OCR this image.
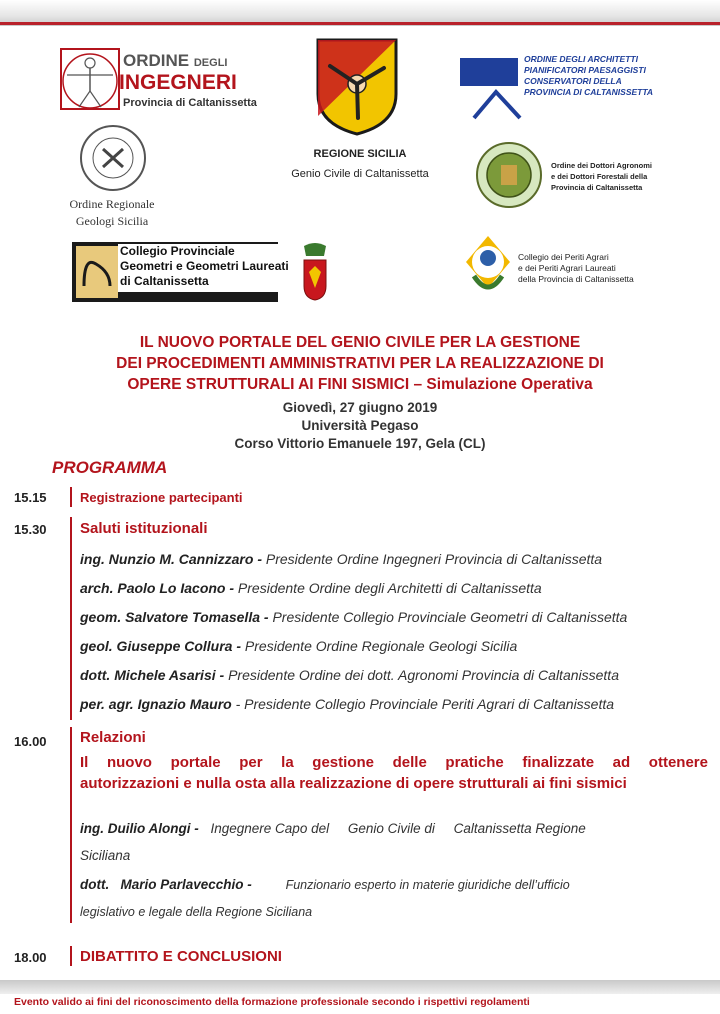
ORDINE DEGLI
INGEGNERI
Provincia di Caltanissetta
REGIONE SICILIA
Genio Civile di Caltanissetta
ORDINE DEGLI ARCHITETTI
PIANIFICATORI PAESAGGISTI
CONSERVATORI DELLA
PROVINCIA DI CALTANISSETTA
Ordine Regionale
Geologi Sicilia
Ordine dei Dottori Agronomi
e dei Dottori Forestali della
Provincia di Caltanissetta
Collegio Provinciale
Geometri e Geometri Laureati
di Caltanissetta
Collegio dei Periti Agrari
e dei Periti Agrari Laureati
della Provincia di Caltanissetta
IL NUOVO PORTALE DEL GENIO CIVILE PER LA GESTIONE
DEI PROCEDIMENTI AMMINISTRATIVI PER LA REALIZZAZIONE DI
OPERE STRUTTURALI AI FINI SISMICI – Simulazione Operativa
Giovedì, 27 giugno 2019
Università Pegaso
Corso Vittorio Emanuele 197, Gela (CL)
PROGRAMMA
15.15	Registrazione partecipanti
15.30 Saluti istituzionali
ing. Nunzio M. Cannizzaro - Presidente Ordine Ingegneri Provincia di Caltanissetta
arch. Paolo Lo Iacono - Presidente Ordine degli Architetti di Caltanissetta
geom. Salvatore Tomasella - Presidente Collegio Provinciale Geometri di Caltanissetta
geol. Giuseppe Collura - Presidente Ordine Regionale Geologi Sicilia
dott. Michele Asarisi - Presidente Ordine dei dott. Agronomi Provincia di Caltanissetta
per. agr. Ignazio Mauro - Presidente Collegio Provinciale Periti Agrari di Caltanissetta
16.00 Relazioni
Il nuovo portale per la gestione delle pratiche finalizzate ad ottenere
autorizzazioni e nulla osta alla realizzazione di opere strutturali ai fini sismici
ing. Duilio Alongi - Ingegnere Capo del     Genio Civile di     Caltanissetta Regione
Siciliana
dott.   Mario Parlavecchio -	Funzionario esperto in materie giuridiche dell’ufficio
legislativo e legale della Regione Siciliana
18.00 DIBATTITO E CONCLUSIONI
Evento valido ai fini del riconoscimento della formazione professionale secondo i rispettivi regolamenti
